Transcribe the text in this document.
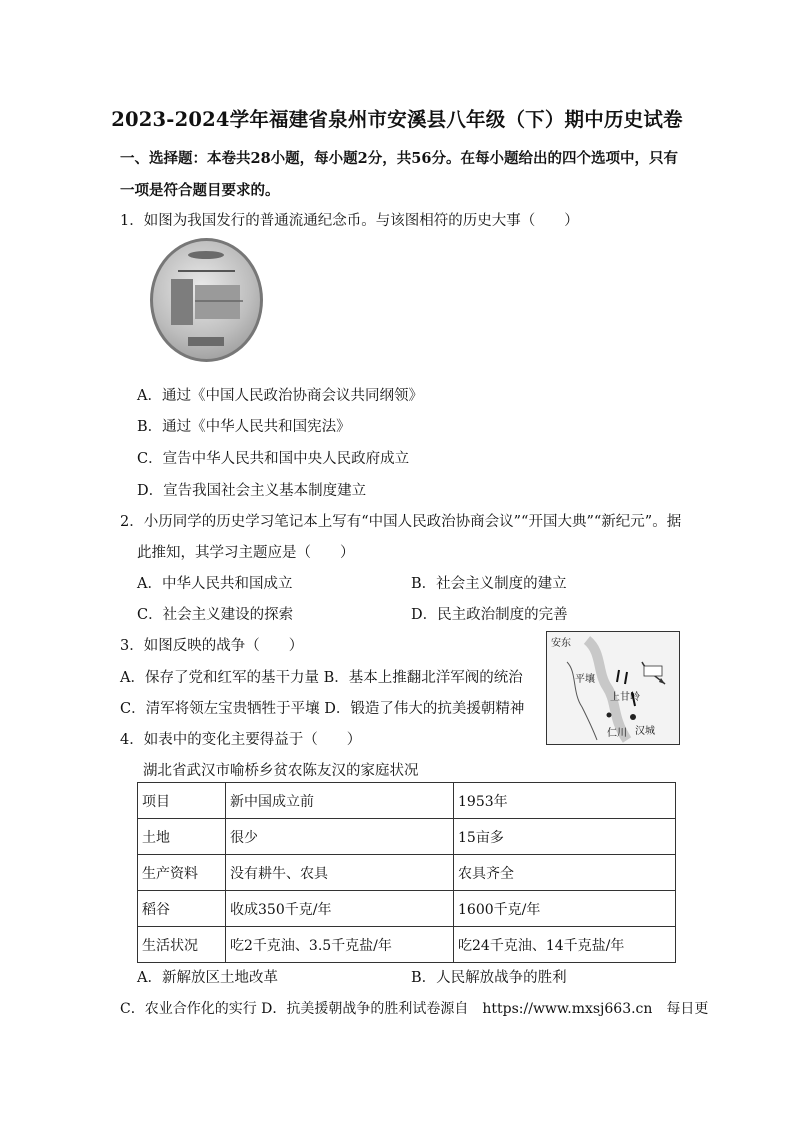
2023-2024学年福建省泉州市安溪县八年级（下）期中历史试卷
一、选择题：本卷共28小题，每小题2分，共56分。在每小题给出的四个选项中，只有
一项是符合题目要求的。
1．如图为我国发行的普通流通纪念币。与该图相符的历史大事（　　）
A．通过《中国人民政治协商会议共同纲领》
B．通过《中华人民共和国宪法》
C．宣告中华人民共和国中央人民政府成立
D．宣告我国社会主义基本制度建立
2．小历同学的历史学习笔记本上写有“中国人民政治协商会议”“开国大典”“新纪元”。据
此推知，其学习主题应是（　　）
A．中华人民共和国成立	B．社会主义制度的建立
C．社会主义建设的探索	D．民主政治制度的完善
3．如图反映的战争（　　）
A．保存了党和红军的基干力量 B．基本上推翻北洋军阀的统治
C．清军将领左宝贵牺牲于平壤 D．锻造了伟大的抗美援朝精神
安东
平壤
上甘岭
仁川 汉城
4．如表中的变化主要得益于（　　）
湖北省武汉市喻桥乡贫农陈友汉的家庭状况
项目	新中国成立前	1953年
土地	很少	15亩多
生产资料	没有耕牛、农具	农具齐全
稻谷	收成350千克/年	1600千克/年
生活状况	吃2千克油、3.5千克盐/年	吃24千克油、14千克盐/年
A．新解放区土地改革	B．人民解放战争的胜利
C．农业合作化的实行 D．抗美援朝战争的胜利试卷源自　https://www.mxsj663.cn　每日更
